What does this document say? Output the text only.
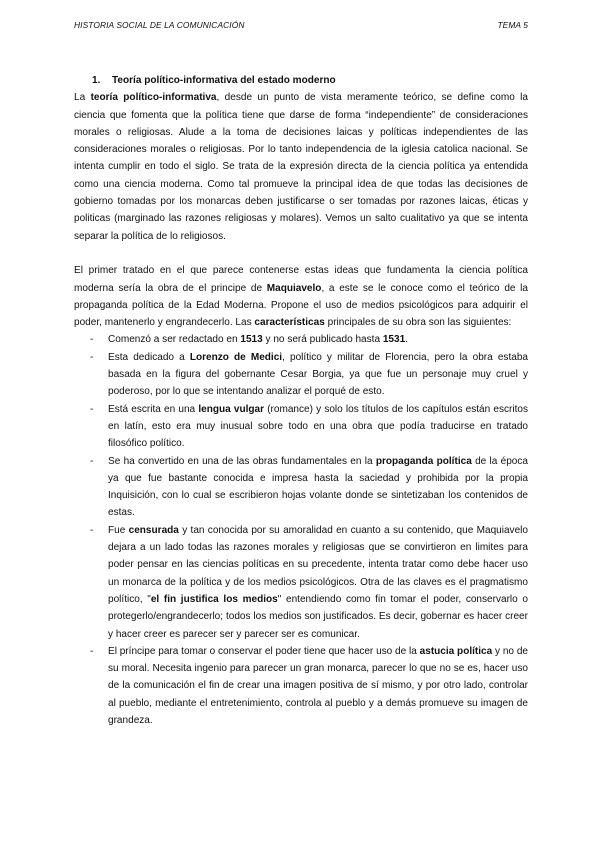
HISTORIA SOCIAL DE LA COMUNICACIÓN	TEMA 5

1. Teoría político-informativa del estado moderno

La teoría político-informativa, desde un punto de vista meramente teórico, se define como la ciencia que fomenta que la política tiene que darse de forma “independiente” de consideraciones morales o religiosas. Alude a la toma de decisiones laicas y políticas independientes de las consideraciones morales o religiosas. Por lo tanto independencia de la iglesia catolica nacional. Se intenta cumplir en todo el siglo. Se trata de la expresión directa de la ciencia política ya entendida como una ciencia moderna. Como tal promueve la principal idea de que todas las decisiones de gobierno tomadas por los monarcas deben justificarse o ser tomadas por razones laicas, éticas y politicas (marginado las razones religiosas y molares). Vemos un salto cualitativo ya que se intenta separar la política de lo religiosos.

El primer tratado en el que parece contenerse estas ideas que fundamenta la ciencia política moderna sería la obra de el principe de Maquiavelo, a este se le conoce como el teórico de la propaganda política de la Edad Moderna. Propone el uso de medios psicológicos para adquirir el poder, mantenerlo y engrandecerlo. Las características principales de su obra son las siguientes:

- Comenzó a ser redactado en 1513 y no será publicado hasta 1531.
- Esta dedicado a Lorenzo de Medici, político y militar de Florencia, pero la obra estaba basada en la figura del gobernante Cesar Borgia, ya que fue un personaje muy cruel y poderoso, por lo que se intentando analizar el porqué de esto.
- Está escrita en una lengua vulgar (romance) y solo los títulos de los capítulos están escritos en latín, esto era muy inusual sobre todo en una obra que podía traducirse en tratado filosófico político.
- Se ha convertido en una de las obras fundamentales en la propaganda política de la época ya que fue bastante conocida e impresa hasta la saciedad y prohibida por la propia Inquisición, con lo cual se escribieron hojas volante donde se sintetizaban los contenidos de estas.
- Fue censurada y tan conocida por su amoralidad en cuanto a su contenido, que Maquiavelo dejara a un lado todas las razones morales y religiosas que se convirtieron en limites para poder pensar en las ciencias políticas en su precedente, intenta tratar como debe hacer uso un monarca de la política y de los medios psicológicos. Otra de las claves es el pragmatismo político, "el fin justifica los medios" entendiendo como fin tomar el poder, conservarlo o protegerlo/engrandecerlo; todos los medios son justificados. Es decir, gobernar es hacer creer y hacer creer es parecer ser y parecer ser es comunicar.
- El príncipe para tomar o conservar el poder tiene que hacer uso de la astucia política y no de su moral. Necesita ingenio para parecer un gran monarca, parecer lo que no se es, hacer uso de la comunicación el fin de crear una imagen positiva de sí mismo, y por otro lado, controlar al pueblo, mediante el entretenimiento, controla al pueblo y a demás promueve su imagen de grandeza.
